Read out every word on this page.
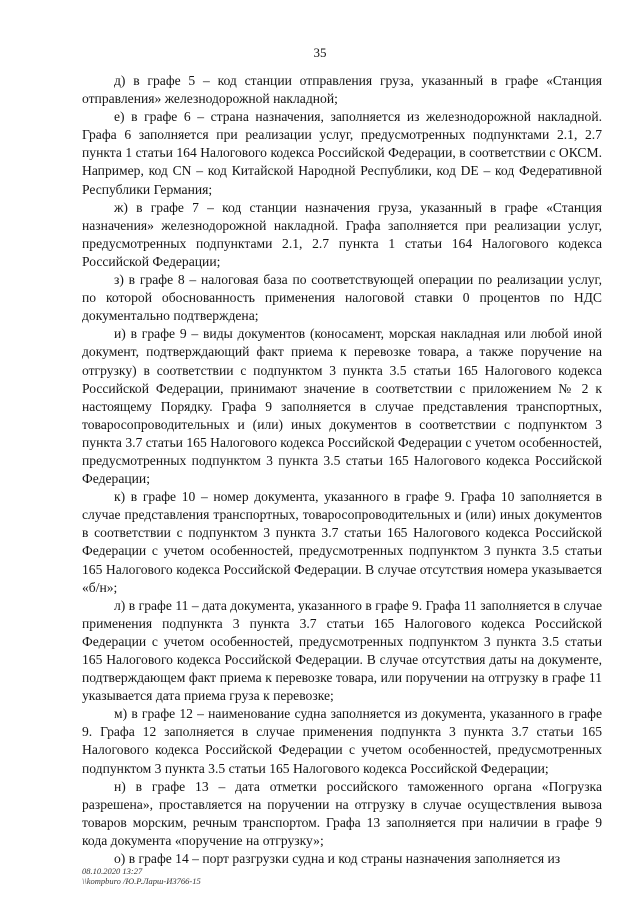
35

д) в графе 5 – код станции отправления груза, указанный в графе «Станция отправления» железнодорожной накладной;

е) в графе 6 – страна назначения, заполняется из железнодорожной накладной. Графа 6 заполняется при реализации услуг, предусмотренных подпунктами 2.1, 2.7 пункта 1 статьи 164 Налогового кодекса Российской Федерации, в соответствии с ОКСМ. Например, код CN – код Китайской Народной Республики, код DE – код Федеративной Республики Германия;

ж) в графе 7 – код станции назначения груза, указанный в графе «Станция назначения» железнодорожной накладной. Графа заполняется при реализации услуг, предусмотренных подпунктами 2.1, 2.7 пункта 1 статьи 164 Налогового кодекса Российской Федерации;

з) в графе 8 – налоговая база по соответствующей операции по реализации услуг, по которой обоснованность применения налоговой ставки 0 процентов по НДС документально подтверждена;

и) в графе 9 – виды документов (коносамент, морская накладная или любой иной документ, подтверждающий факт приема к перевозке товара, а также поручение на отгрузку) в соответствии с подпунктом 3 пункта 3.5 статьи 165 Налогового кодекса Российской Федерации, принимают значение в соответствии с приложением № 2 к настоящему Порядку. Графа 9 заполняется в случае представления транспортных, товаросопроводительных и (или) иных документов в соответствии с подпунктом 3 пункта 3.7 статьи 165 Налогового кодекса Российской Федерации с учетом особенностей, предусмотренных подпунктом 3 пункта 3.5 статьи 165 Налогового кодекса Российской Федерации;

к) в графе 10 – номер документа, указанного в графе 9. Графа 10 заполняется в случае представления транспортных, товаросопроводительных и (или) иных документов в соответствии с подпунктом 3 пункта 3.7 статьи 165 Налогового кодекса Российской Федерации с учетом особенностей, предусмотренных подпунктом 3 пункта 3.5 статьи 165 Налогового кодекса Российской Федерации. В случае отсутствия номера указывается «б/н»;

л) в графе 11 – дата документа, указанного в графе 9. Графа 11 заполняется в случае применения подпункта 3 пункта 3.7 статьи 165 Налогового кодекса Российской Федерации с учетом особенностей, предусмотренных подпунктом 3 пункта 3.5 статьи 165 Налогового кодекса Российской Федерации. В случае отсутствия даты на документе, подтверждающем факт приема к перевозке товара, или поручении на отгрузку в графе 11 указывается дата приема груза к перевозке;

м) в графе 12 – наименование судна заполняется из документа, указанного в графе 9. Графа 12 заполняется в случае применения подпункта 3 пункта 3.7 статьи 165 Налогового кодекса Российской Федерации с учетом особенностей, предусмотренных подпунктом 3 пункта 3.5 статьи 165 Налогового кодекса Российской Федерации;

н) в графе 13 – дата отметки российского таможенного органа «Погрузка разрешена», проставляется на поручении на отгрузку в случае осуществления вывоза товаров морским, речным транспортом. Графа 13 заполняется при наличии в графе 9 кода документа «поручение на отгрузку»;

о) в графе 14 – порт разгрузки судна и код страны назначения заполняется из

08.10.2020 13:27
\\kompburo /Ю.Р.Ларш-И3766-15
